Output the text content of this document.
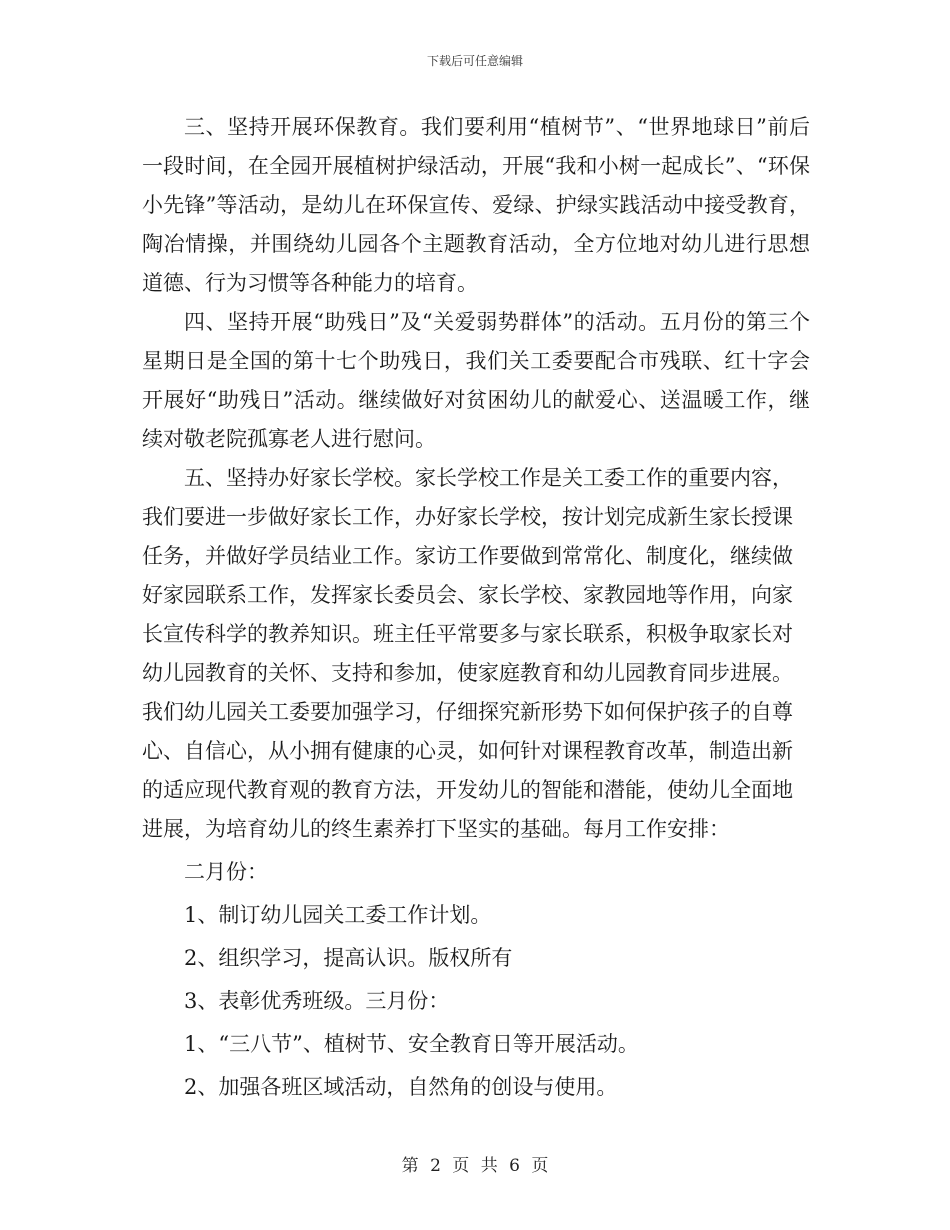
下载后可任意编辑

三、坚持开展环保教育。我们要利用“植树节”、“世界地球日”前后一段时间，在全园开展植树护绿活动，开展“我和小树一起成长”、“环保小先锋”等活动，是幼儿在环保宣传、爱绿、护绿实践活动中接受教育，陶冶情操，并围绕幼儿园各个主题教育活动，全方位地对幼儿进行思想道德、行为习惯等各种能力的培育。

四、坚持开展“助残日”及“关爱弱势群体”的活动。五月份的第三个星期日是全国的第十七个助残日，我们关工委要配合市残联、红十字会开展好“助残日”活动。继续做好对贫困幼儿的献爱心、送温暖工作，继续对敬老院孤寡老人进行慰问。

五、坚持办好家长学校。家长学校工作是关工委工作的重要内容，我们要进一步做好家长工作，办好家长学校，按计划完成新生家长授课任务，并做好学员结业工作。家访工作要做到常常化、制度化，继续做好家园联系工作，发挥家长委员会、家长学校、家教园地等作用，向家长宣传科学的教养知识。班主任平常要多与家长联系，积极争取家长对幼儿园教育的关怀、支持和参加，使家庭教育和幼儿园教育同步进展。我们幼儿园关工委要加强学习，仔细探究新形势下如何保护孩子的自尊心、自信心，从小拥有健康的心灵，如何针对课程教育改革，制造出新的适应现代教育观的教育方法，开发幼儿的智能和潜能，使幼儿全面地进展，为培育幼儿的终生素养打下坚实的基础。每月工作安排：

二月份：

1、制订幼儿园关工委工作计划。

2、组织学习，提高认识。版权所有

3、表彰优秀班级。三月份：

1、“三八节”、植树节、安全教育日等开展活动。

2、加强各班区域活动，自然角的创设与使用。

第 2 页 共 6 页
